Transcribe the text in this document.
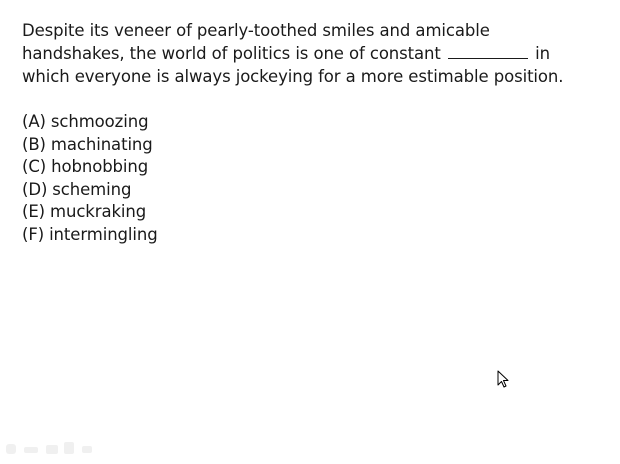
Despite its veneer of pearly-toothed smiles and amicable
handshakes, the world of politics is one of constant	in
which everyone is always jockeying for a more estimable position.
(A) schmoozing
(B) machinating
(C) hobnobbing
(D) scheming
(E) muckraking
(F) intermingling
